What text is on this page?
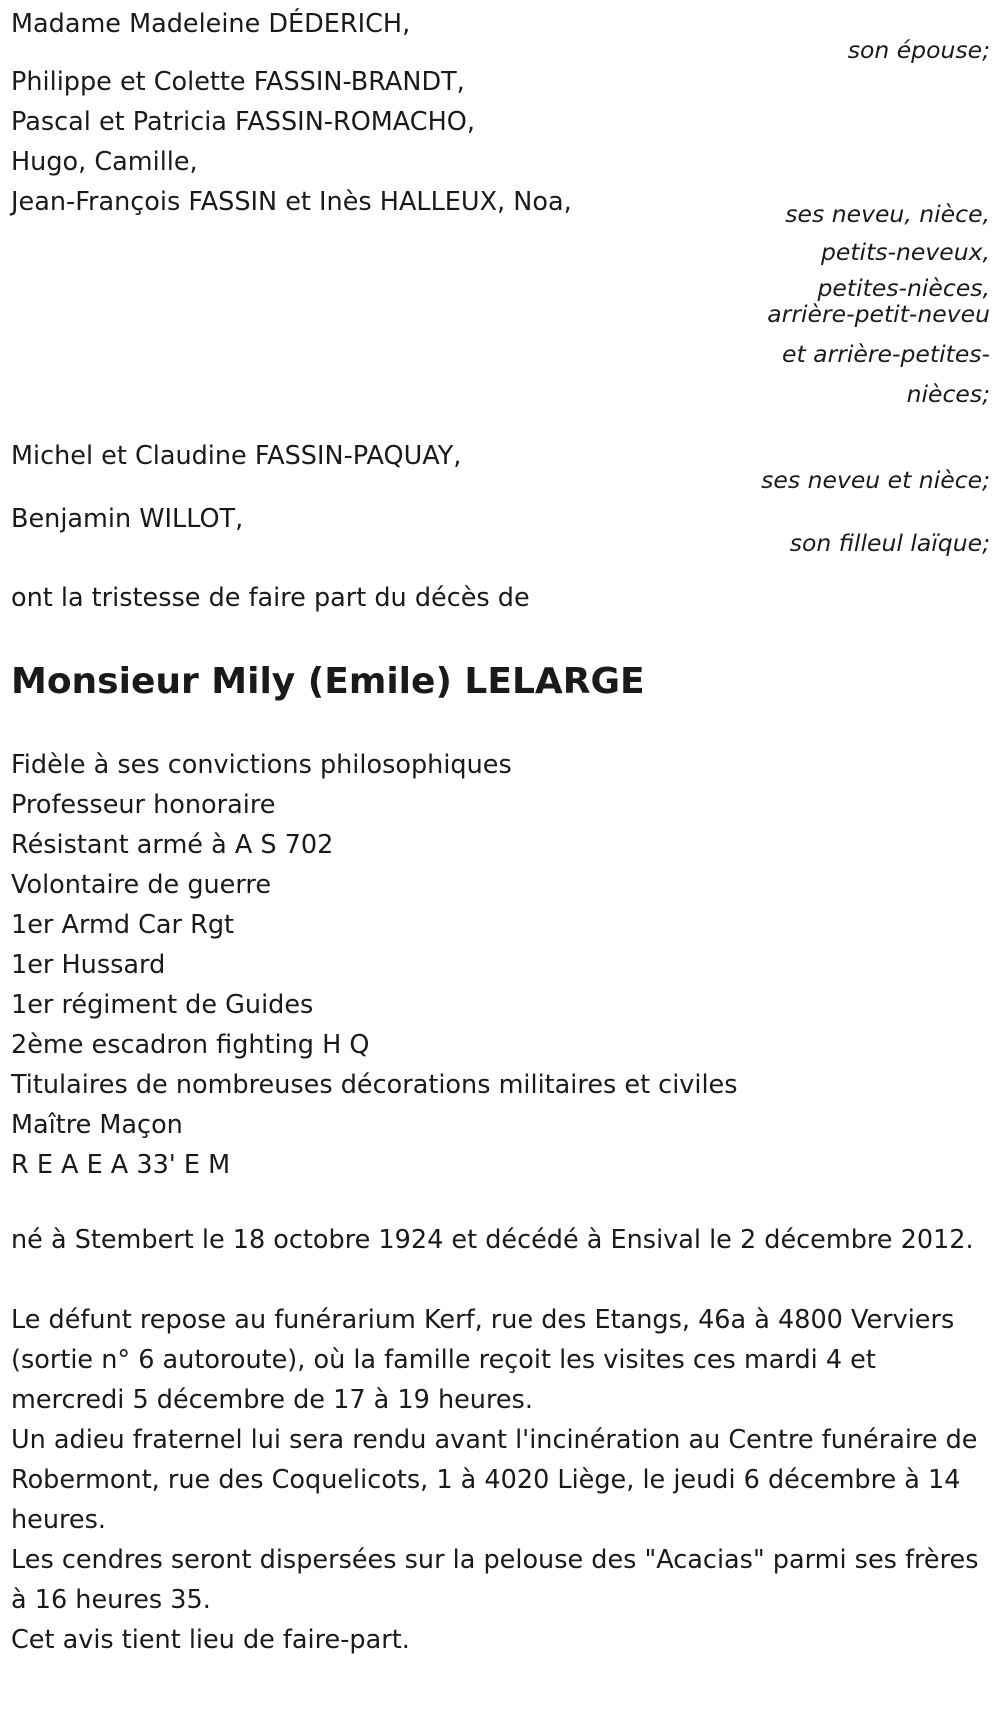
Madame Madeleine DÉDERICH,
son épouse;
Philippe et Colette FASSIN-BRANDT,
Pascal et Patricia FASSIN-ROMACHO,
Hugo, Camille,
Jean-François FASSIN et Inès HALLEUX, Noa,	ses neveu, nièce,
petits-neveux,
petites-nièces,
arrière-petit-neveu
et arrière-petites-
nièces;
Michel et Claudine FASSIN-PAQUAY,
ses neveu et nièce;
Benjamin WILLOT,
son filleul laïque;
ont la tristesse de faire part du décès de
Monsieur Mily (Emile) LELARGE
Fidèle à ses convictions philosophiques
Professeur honoraire
Résistant armé à A S 702
Volontaire de guerre
1er Armd Car Rgt
1er Hussard
1er régiment de Guides
2ème escadron fighting H Q
Titulaires de nombreuses décorations militaires et civiles
Maître Maçon
R E A E A 33' E M
né à Stembert le 18 octobre 1924 et décédé à Ensival le 2 décembre 2012.
Le défunt repose au funérarium Kerf, rue des Etangs, 46a à 4800 Verviers (sortie n° 6 autoroute), où la famille reçoit les visites ces mardi 4 et mercredi 5 décembre de 17 à 19 heures.
Un adieu fraternel lui sera rendu avant l'incinération au Centre funéraire de Robermont, rue des Coquelicots, 1 à 4020 Liège, le jeudi 6 décembre à 14 heures.
Les cendres seront dispersées sur la pelouse des "Acacias" parmi ses frères à 16 heures 35.
Cet avis tient lieu de faire-part.
